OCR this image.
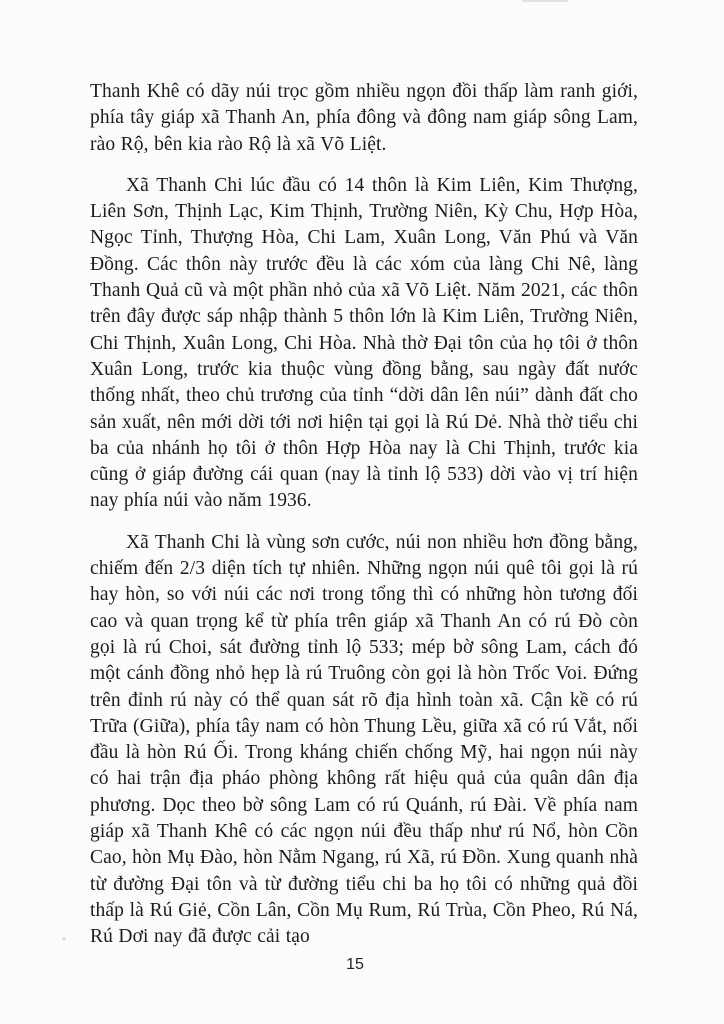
Thanh Khê có dãy núi trọc gồm nhiều ngọn đồi thấp làm ranh giới, phía tây giáp xã Thanh An, phía đông và đông nam giáp sông Lam, rào Rộ, bên kia rào Rộ là xã Võ Liệt.

Xã Thanh Chi lúc đầu có 14 thôn là Kim Liên, Kim Thượng, Liên Sơn, Thịnh Lạc, Kim Thịnh, Trường Niên, Kỳ Chu, Hợp Hòa, Ngọc Tỉnh, Thượng Hòa, Chi Lam, Xuân Long, Văn Phú và Văn Đồng. Các thôn này trước đều là các xóm của làng Chi Nê, làng Thanh Quả cũ và một phần nhỏ của xã Võ Liệt. Năm 2021, các thôn trên đây được sáp nhập thành 5 thôn lớn là Kim Liên, Trường Niên, Chi Thịnh, Xuân Long, Chi Hòa. Nhà thờ Đại tôn của họ tôi ở thôn Xuân Long, trước kia thuộc vùng đồng bằng, sau ngày đất nước thống nhất, theo chủ trương của tỉnh “dời dân lên núi” dành đất cho sản xuất, nên mới dời tới nơi hiện tại gọi là Rú Dẻ. Nhà thờ tiểu chi ba của nhánh họ tôi ở thôn Hợp Hòa nay là Chi Thịnh, trước kia cũng ở giáp đường cái quan (nay là tỉnh lộ 533) dời vào vị trí hiện nay phía núi vào năm 1936.

Xã Thanh Chi là vùng sơn cước, núi non nhiều hơn đồng bằng, chiếm đến 2/3 diện tích tự nhiên. Những ngọn núi quê tôi gọi là rú hay hòn, so với núi các nơi trong tổng thì có những hòn tương đối cao và quan trọng kể từ phía trên giáp xã Thanh An có rú Đò còn gọi là rú Choi, sát đường tỉnh lộ 533; mép bờ sông Lam, cách đó một cánh đồng nhỏ hẹp là rú Truông còn gọi là hòn Trốc Voi. Đứng trên đỉnh rú này có thể quan sát rõ địa hình toàn xã. Cận kề có rú Trữa (Giữa), phía tây nam có hòn Thung Lều, giữa xã có rú Vắt, nối đầu là hòn Rú Ối. Trong kháng chiến chống Mỹ, hai ngọn núi này có hai trận địa pháo phòng không rất hiệu quả của quân dân địa phương. Dọc theo bờ sông Lam có rú Quánh, rú Đài. Về phía nam giáp xã Thanh Khê có các ngọn núi đều thấp như rú Nổ, hòn Cồn Cao, hòn Mụ Đào, hòn Nằm Ngang, rú Xã, rú Đồn. Xung quanh nhà từ đường Đại tôn và từ đường tiểu chi ba họ tôi có những quả đồi thấp là Rú Giẻ, Cồn Lân, Cồn Mụ Rum, Rú Trùa, Cồn Pheo, Rú Ná, Rú Dơi nay đã được cải tạo

15
